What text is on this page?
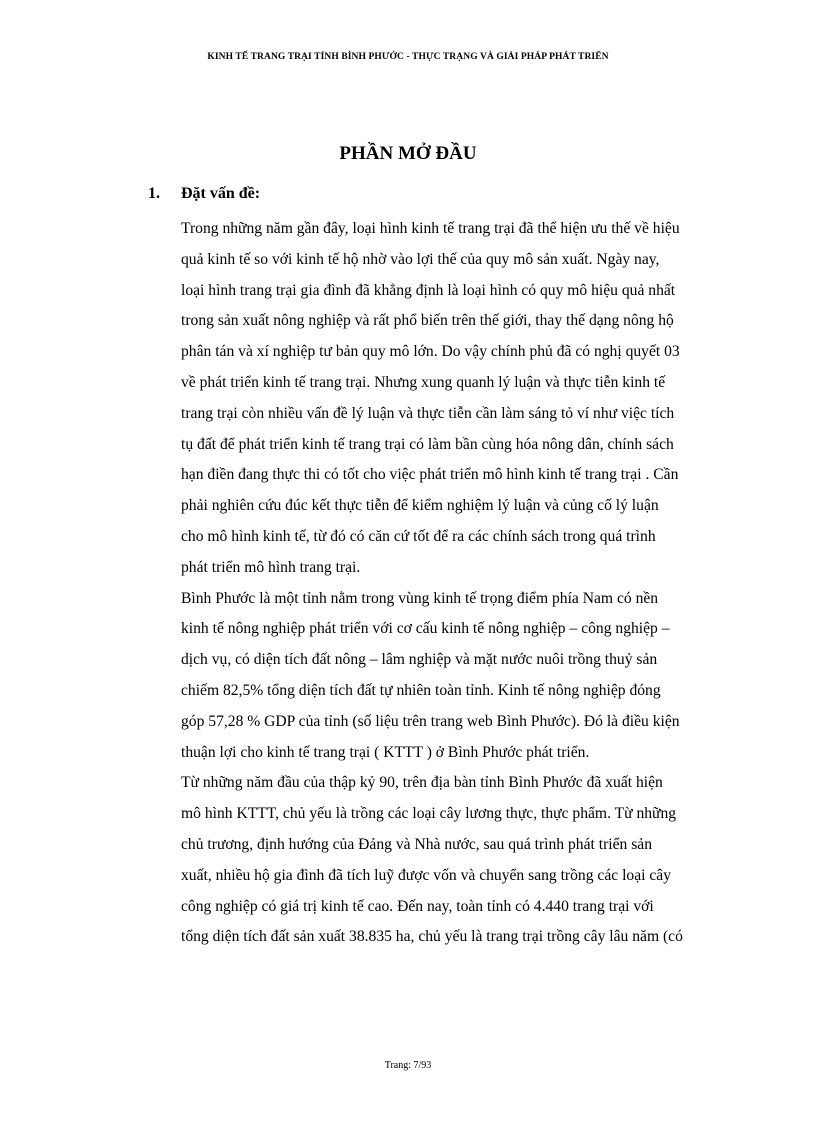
KINH TẾ TRANG TRẠI TỈNH BÌNH PHƯỚC - THỰC TRẠNG VÀ GIẢI PHÁP PHÁT TRIỂN
PHẦN MỞ ĐẦU
1. Đặt vấn đề:
Trong những năm gần đây, loại hình kinh tế trang trại đã thể hiện ưu thế về hiệu
quả kinh tế so với kinh tế hộ nhờ vào lợi thế của quy mô sản xuất. Ngày nay,
loại hình trang trại gia đình đã khẳng định là loại hình có quy mô hiệu quả nhất
trong sản xuất nông nghiệp và rất phổ biến trên thế giới, thay thế dạng nông hộ
phân tán và xí nghiệp tư bản quy mô lớn. Do vậy chính phủ đã có nghị quyết 03
về phát triển kinh tế trang trại. Nhưng xung quanh lý luận và thực tiễn kinh tế
trang trại còn nhiều vấn đề lý luận và thực tiễn cần làm sáng tỏ ví như việc tích
tụ đất để phát triển kinh tế trang trại có làm bần cùng hóa nông dân, chính sách
hạn điền đang thực thi có tốt cho việc phát triển mô hình kinh tế trang trại . Cần
phải nghiên cứu đúc kết thực tiễn để kiểm nghiệm lý luận và củng cố lý luận
cho mô hình kinh tế, từ đó có căn cứ tốt để ra các chính sách trong quá trình
phát triển mô hình trang trại.
Bình Phước là một tỉnh nằm trong vùng kinh tế trọng điểm phía Nam có nền
kinh tế nông nghiệp phát triển với cơ cấu kinh tế nông nghiệp – công nghiệp –
dịch vụ, có diện tích đất nông – lâm nghiệp và mặt nước nuôi trồng thuỷ sản
chiếm 82,5% tổng diện tích đất tự nhiên toàn tỉnh. Kinh tế nông nghiệp đóng
góp 57,28 % GDP của tỉnh (số liệu trên trang web Bình Phước). Đó là điều kiện
thuận lợi cho kinh tế trang trại ( KTTT ) ở Bình Phước phát triển.
Từ những năm đầu của thập kỷ 90, trên địa bàn tỉnh Bình Phước đã xuất hiện
mô hình KTTT, chủ yếu là trồng các loại cây lương thực, thực phẩm. Từ những
chủ trương, định hướng của Đảng và Nhà nước, sau quá trình phát triển sản
xuất, nhiều hộ gia đình đã tích luỹ được vốn và chuyển sang trồng các loại cây
công nghiệp có giá trị kinh tế cao. Đến nay, toàn tỉnh có 4.440 trang trại với
tổng diện tích đất sản xuất 38.835 ha, chủ yếu là trang trại trồng cây lâu năm (có
Trang: 7/93
